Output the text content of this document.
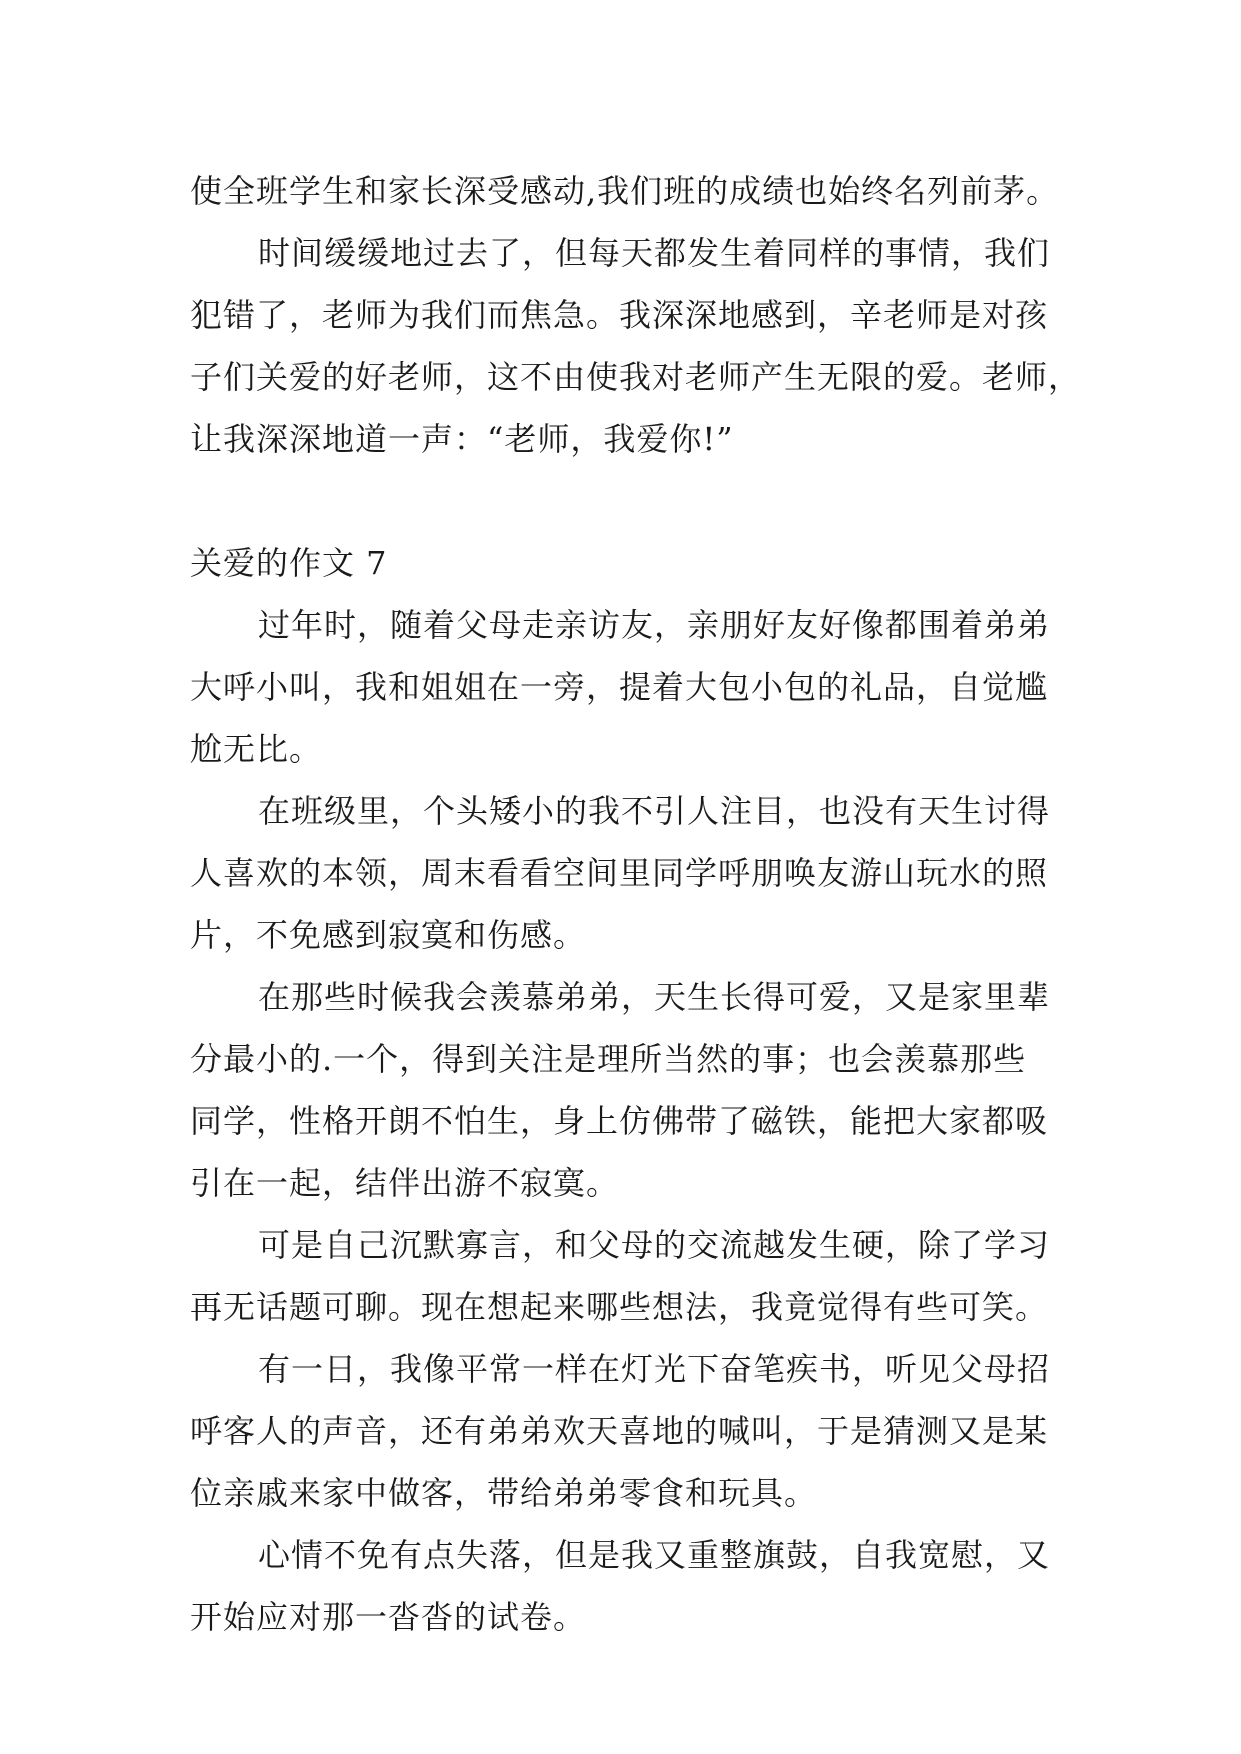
使全班学生和家长深受感动,我们班的成绩也始终名列前茅。
时间缓缓地过去了，但每天都发生着同样的事情，我们
犯错了，老师为我们而焦急。我深深地感到，辛老师是对孩
子们关爱的好老师，这不由使我对老师产生无限的爱。老师，
让我深深地道一声：“老师，我爱你!”
关爱的作文 7
过年时，随着父母走亲访友，亲朋好友好像都围着弟弟
大呼小叫，我和姐姐在一旁，提着大包小包的礼品，自觉尴
尬无比。
在班级里，个头矮小的我不引人注目，也没有天生讨得
人喜欢的本领，周末看看空间里同学呼朋唤友游山玩水的照
片，不免感到寂寞和伤感。
在那些时候我会羡慕弟弟，天生长得可爱，又是家里辈
分最小的.一个，得到关注是理所当然的事；也会羡慕那些
同学，性格开朗不怕生，身上仿佛带了磁铁，能把大家都吸
引在一起，结伴出游不寂寞。
可是自己沉默寡言，和父母的交流越发生硬，除了学习
再无话题可聊。现在想起来哪些想法，我竟觉得有些可笑。
有一日，我像平常一样在灯光下奋笔疾书，听见父母招
呼客人的声音，还有弟弟欢天喜地的喊叫，于是猜测又是某
位亲戚来家中做客，带给弟弟零食和玩具。
心情不免有点失落，但是我又重整旗鼓，自我宽慰，又
开始应对那一沓沓的试卷。
